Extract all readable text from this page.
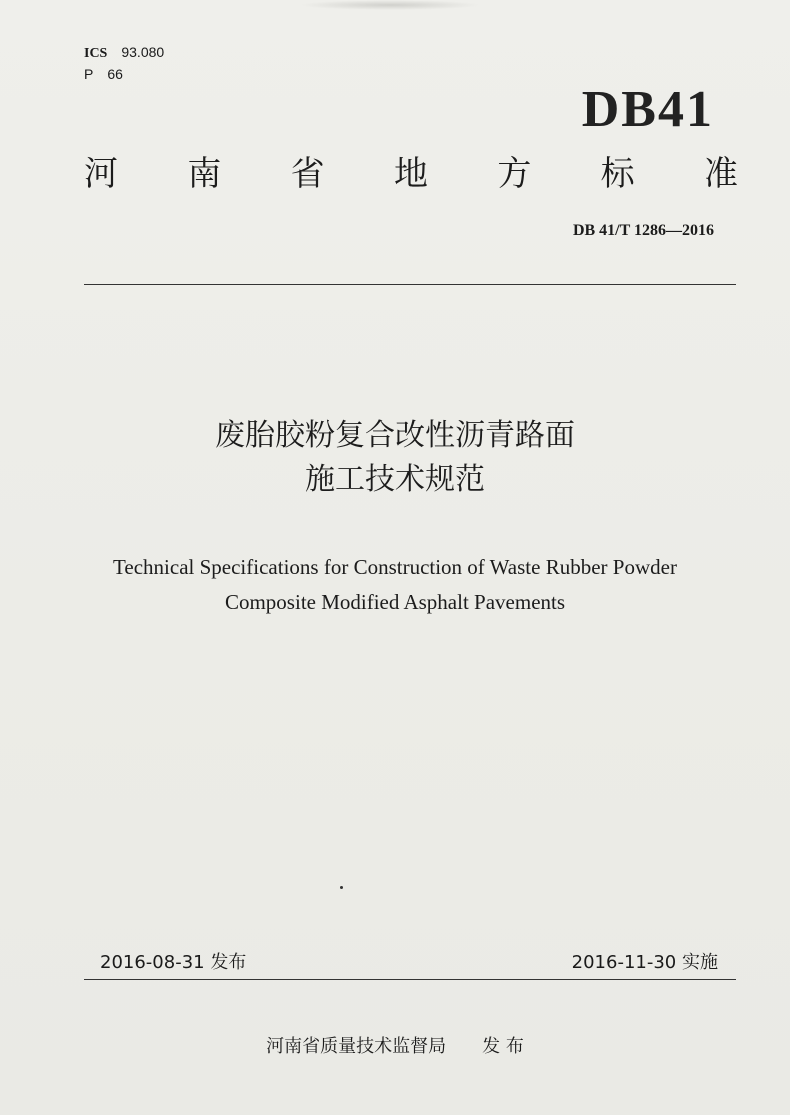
ICS 93.080
P 66
DB41
河 南 省 地 方 标 准
DB 41/T 1286—2016
废胎胶粉复合改性沥青路面
施工技术规范
Technical Specifications for Construction of Waste Rubber Powder
Composite Modified Asphalt Pavements
2016-08-31 发布	2016-11-30 实施
河南省质量技术监督局 发 布
